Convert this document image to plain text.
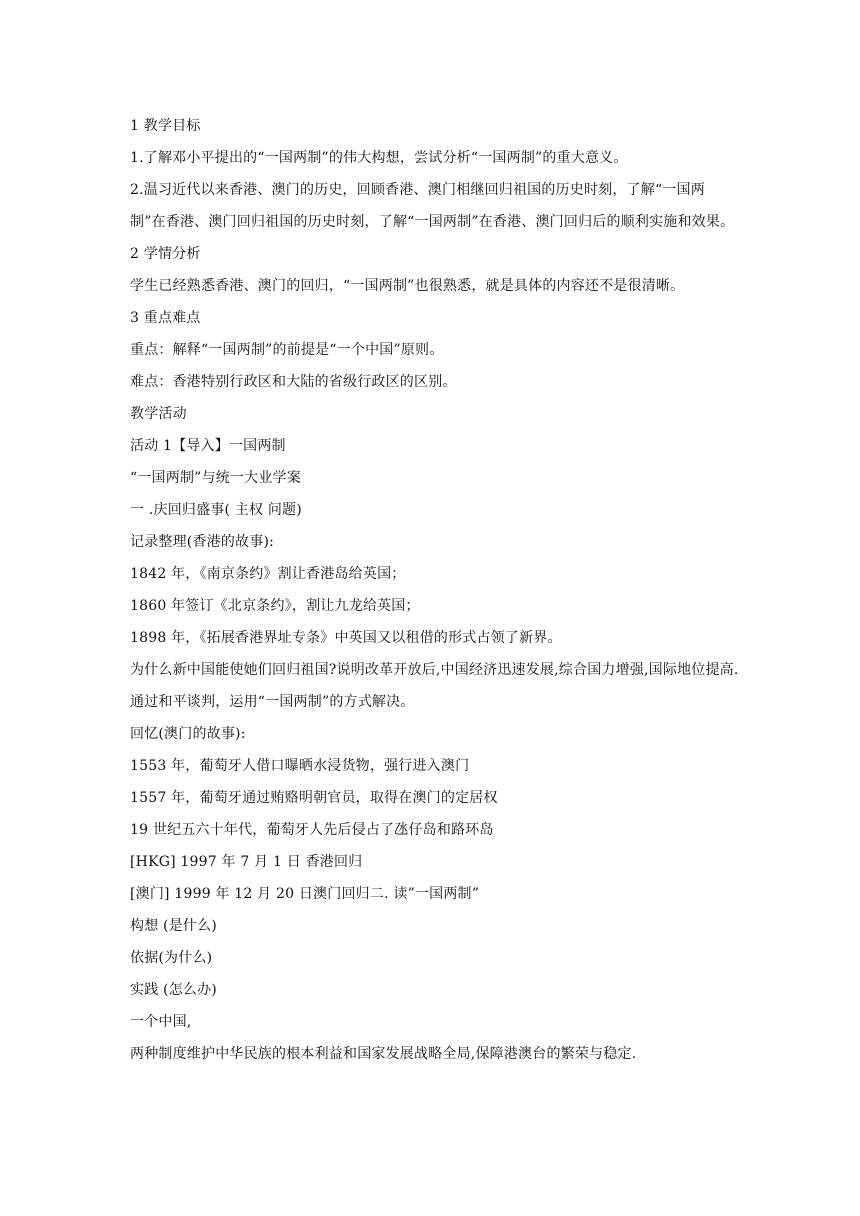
1 教学目标

1.了解邓小平提出的“一国两制”的伟大构想，尝试分析“一国两制”的重大意义。

2.温习近代以来香港、澳门的历史，回顾香港、澳门相继回归祖国的历史时刻，了解“一国两制”在香港、澳门回归祖国的历史时刻，了解“一国两制”在香港、澳门回归后的顺利实施和效果。2 学情分析

学生已经熟悉香港、澳门的回归，“一国两制”也很熟悉，就是具体的内容还不是很清晰。

3 重点难点

重点：解释“一国两制”的前提是“一个中国”原则。

难点：香港特别行政区和大陆的省级行政区的区别。

教学活动

活动 1【导入】一国两制

“一国两制”与统一大业学案

一 .庆回归盛事( 主权 问题)

记录整理(香港的故事):

1842 年，《南京条约》割让香港岛给英国；

1860 年签订《北京条约》，割让九龙给英国；

1898 年，《拓展香港界址专条》中英国又以租借的形式占领了新界。

为什么新中国能使她们回归祖国?说明改革开放后,中国经济迅速发展,综合国力增强,国际地位提高.通过和平谈判，运用“一国两制”的方式解决。

回忆(澳门的故事):

1553 年，葡萄牙人借口曝晒水浸货物，强行进入澳门

1557 年，葡萄牙通过贿赂明朝官员，取得在澳门的定居权

19 世纪五六十年代，葡萄牙人先后侵占了氹仔岛和路环岛

[HKG] 1997 年 7 月 1 日 香港回归

[澳门] 1999 年 12 月 20 日澳门回归二. 读”一国两制”

构想 (是什么)

依据(为什么)

实践 (怎么办)

一个中国,

两种制度维护中华民族的根本利益和国家发展战略全局,保障港澳台的繁荣与稳定.
